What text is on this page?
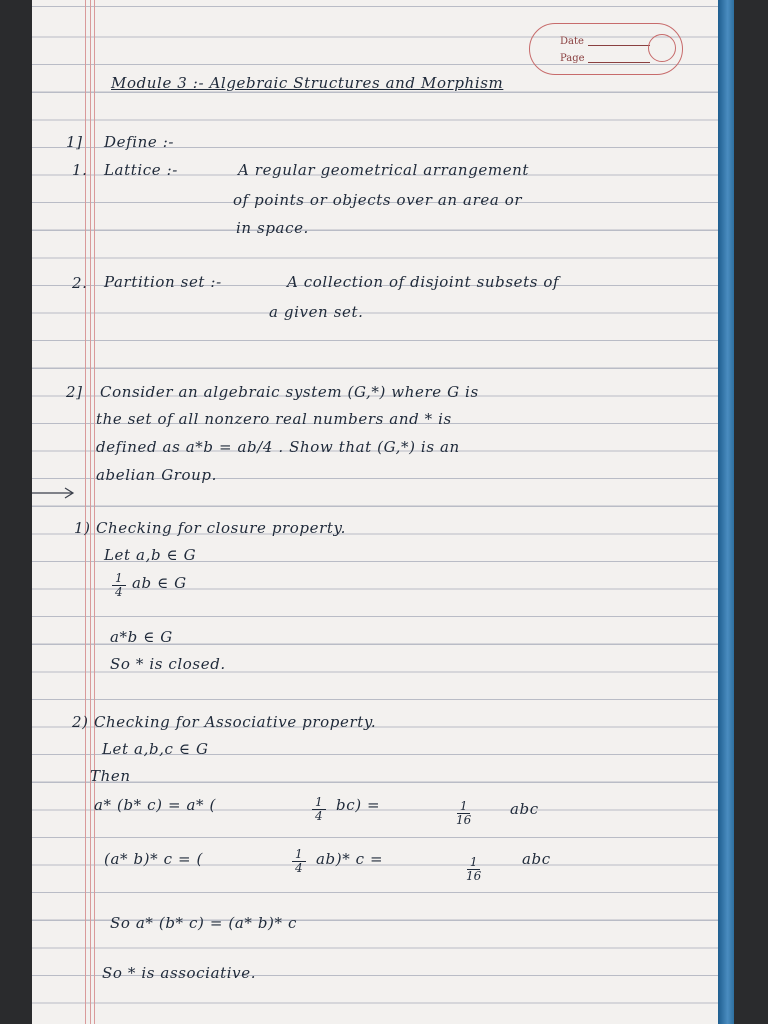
Date
Page
Module 3 :- Algebraic Structures and Morphism
1] Define :-
1. Lattice :-	A regular geometrical arrangement
of points or objects over an area or
in space.
2. Partition set :-	A collection of disjoint subsets of
a given set.
2] Consider an algebraic system (G,*) where G is
the set of all nonzero real numbers and * is
defined as a*b = ab/4 . Show that (G,*) is an
abelian Group.
1) Checking for closure property.
Let a,b ∈ G
$\frac{1}{4}$ ab ∈ G
a*b ∈ G
So * is closed.
2) Checking for Associative property.
Let a,b,c ∈ G
Then
a* (b* c) = a* (	$\frac{1}{4} bc$) =	$\frac{1}{16}$	abc
(a* b)* c = (	$\frac{1}{4} ab)*$ c =	$\frac{1}{16}$	abc
So a* (b* c) = (a* b)* c
So * is associative.
